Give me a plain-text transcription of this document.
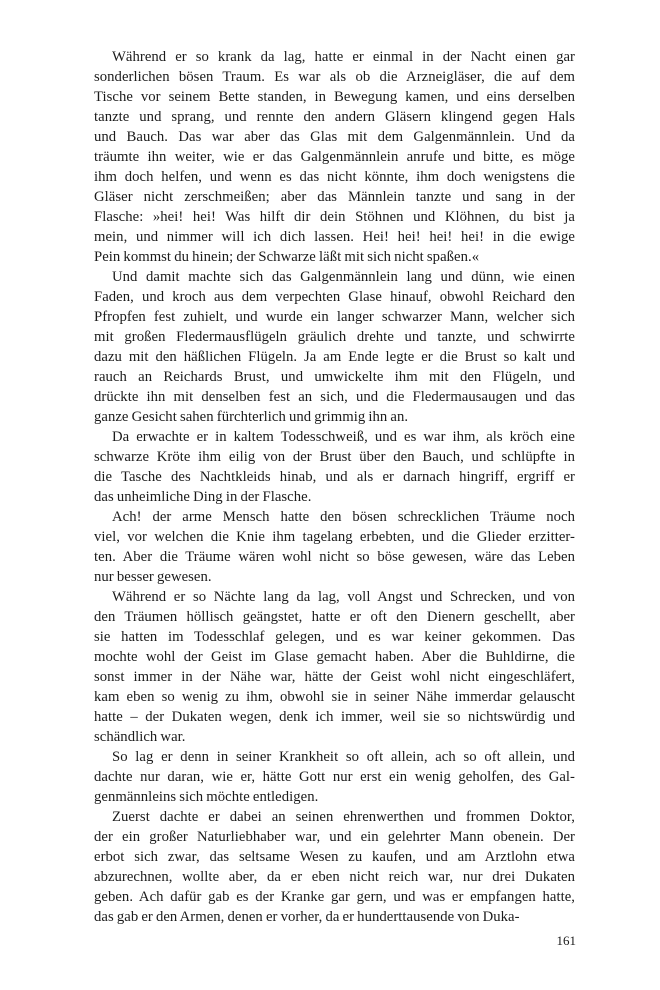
Während er so krank da lag, hatte er einmal in der Nacht einen gar
sonderlichen bösen Traum. Es war als ob die Arzneigläser, die auf dem
Tische vor seinem Bette standen, in Bewegung kamen, und eins derselben
tanzte und sprang, und rennte den andern Gläsern klingend gegen Hals
und Bauch. Das war aber das Glas mit dem Galgenmännlein. Und da
träumte ihn weiter, wie er das Galgenmännlein anrufe und bitte, es möge
ihm doch helfen, und wenn es das nicht könnte, ihm doch wenigstens die
Gläser nicht zerschmeißen; aber das Männlein tanzte und sang in der
Flasche: »hei! hei! Was hilft dir dein Stöhnen und Klöhnen, du bist ja
mein, und nimmer will ich dich lassen. Hei! hei! hei! hei! in die ewige
Pein kommst du hinein; der Schwarze läßt mit sich nicht spaßen.«
Und damit machte sich das Galgenmännlein lang und dünn, wie einen
Faden, und kroch aus dem verpechten Glase hinauf, obwohl Reichard den
Pfropfen fest zuhielt, und wurde ein langer schwarzer Mann, welcher sich
mit großen Fledermausflügeln gräulich drehte und tanzte, und schwirrte
dazu mit den häßlichen Flügeln. Ja am Ende legte er die Brust so kalt und
rauch an Reichards Brust, und umwickelte ihm mit den Flügeln, und
drückte ihn mit denselben fest an sich, und die Fledermausaugen und das
ganze Gesicht sahen fürchterlich und grimmig ihn an.
Da erwachte er in kaltem Todesschweiß, und es war ihm, als kröch eine
schwarze Kröte ihm eilig von der Brust über den Bauch, und schlüpfte in
die Tasche des Nachtkleids hinab, und als er darnach hingriff, ergriff er
das unheimliche Ding in der Flasche.
Ach! der arme Mensch hatte den bösen schrecklichen Träume noch
viel, vor welchen die Knie ihm tagelang erbebten, und die Glieder erzitter-
ten. Aber die Träume wären wohl nicht so böse gewesen, wäre das Leben
nur besser gewesen.
Während er so Nächte lang da lag, voll Angst und Schrecken, und von
den Träumen höllisch geängstet, hatte er oft den Dienern geschellt, aber
sie hatten im Todesschlaf gelegen, und es war keiner gekommen. Das
mochte wohl der Geist im Glase gemacht haben. Aber die Buhldirne, die
sonst immer in der Nähe war, hätte der Geist wohl nicht eingeschläfert,
kam eben so wenig zu ihm, obwohl sie in seiner Nähe immerdar gelauscht
hatte – der Dukaten wegen, denk ich immer, weil sie so nichtswürdig und
schändlich war.
So lag er denn in seiner Krankheit so oft allein, ach so oft allein, und
dachte nur daran, wie er, hätte Gott nur erst ein wenig geholfen, des Gal-
genmännleins sich möchte entledigen.
Zuerst dachte er dabei an seinen ehrenwerthen und frommen Doktor,
der ein großer Naturliebhaber war, und ein gelehrter Mann obenein. Der
erbot sich zwar, das seltsame Wesen zu kaufen, und am Arztlohn etwa
abzurechnen, wollte aber, da er eben nicht reich war, nur drei Dukaten
geben. Ach dafür gab es der Kranke gar gern, und was er empfangen hatte,
das gab er den Armen, denen er vorher, da er hunderttausende von Duka-
161
